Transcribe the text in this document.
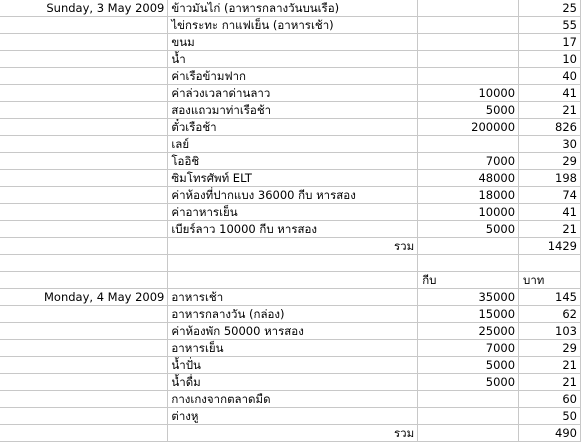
Sunday, 3 May 2009	ข้าวมันไก่ (อาหารกลางวันบนเรือ)		25
	ไข่กระทะ กาแฟเย็น (อาหารเช้า)		55
	ขนม		17
	น้ำ		10
	ค่าเรือข้ามฟาก		40
	ค่าล่วงเวลาด่านลาว	10000	41
	สองแถวมาท่าเรือช้า	5000	21
	ตั๋วเรือช้า	200000	826
	เลย์		30
	โออิชิ	7000	29
	ซิมโทรศัพท์ ELT	48000	198
	ค่าห้องที่ปากแบง 36000 กีบ หารสอง	18000	74
	ค่าอาหารเย็น	10000	41
	เบียร์ลาว 10000 กีบ หารสอง	5000	21
	รวม		1429

		กีบ	บาท
Monday, 4 May 2009	อาหารเช้า	35000	145
	อาหารกลางวัน (กล่อง)	15000	62
	ค่าห้องพัก 50000 หารสอง	25000	103
	อาหารเย็น	7000	29
	น้ำปั่น	5000	21
	น้ำดื่ม	5000	21
	กางเกงจากตลาดมืด		60
	ต่างหู		50
	รวม		490
